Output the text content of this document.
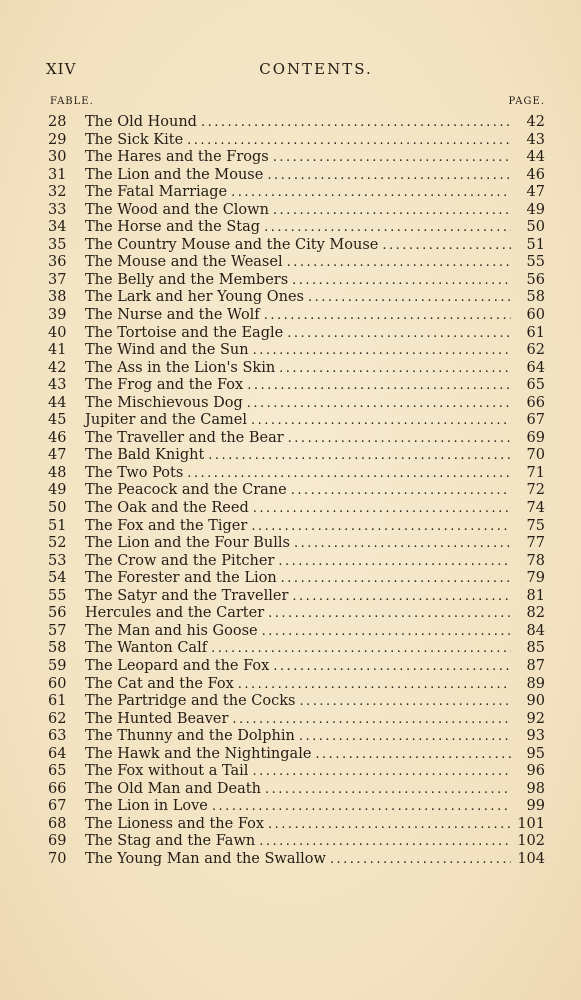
XIV	CONTENTS.
FABLE.	PAGE.
28	The Old Hound .....	42
29	The Sick Kite .....	43
30	The Hares and the Frogs .....	44
31	The Lion and the Mouse .....	46
32	The Fatal Marriage .....	47
33	The Wood and the Clown .....	49
34	The Horse and the Stag .....	50
35	The Country Mouse and the City Mouse .....	51
36	The Mouse and the Weasel .....	55
37	The Belly and the Members .....	56
38	The Lark and her Young Ones .....	58
39	The Nurse and the Wolf .....	60
40	The Tortoise and the Eagle .....	61
41	The Wind and the Sun .....	62
42	The Ass in the Lion's Skin .....	64
43	The Frog and the Fox .....	65
44	The Mischievous Dog .....	66
45	Jupiter and the Camel .....	67
46	The Traveller and the Bear .....	69
47	The Bald Knight .....	70
48	The Two Pots .....	71
49	The Peacock and the Crane .....	72
50	The Oak and the Reed .....	74
51	The Fox and the Tiger .....	75
52	The Lion and the Four Bulls .....	77
53	The Crow and the Pitcher .....	78
54	The Forester and the Lion .....	79
55	The Satyr and the Traveller .....	81
56	Hercules and the Carter .....	82
57	The Man and his Goose .....	84
58	The Wanton Calf .....	85
59	The Leopard and the Fox .....	87
60	The Cat and the Fox .....	89
61	The Partridge and the Cocks .....	90
62	The Hunted Beaver .....	92
63	The Thunny and the Dolphin .....	93
64	The Hawk and the Nightingale .....	95
65	The Fox without a Tail .....	96
66	The Old Man and Death .....	98
67	The Lion in Love .....	99
68	The Lioness and the Fox .....	101
69	The Stag and the Fawn .....	102
70	The Young Man and the Swallow .....	104
